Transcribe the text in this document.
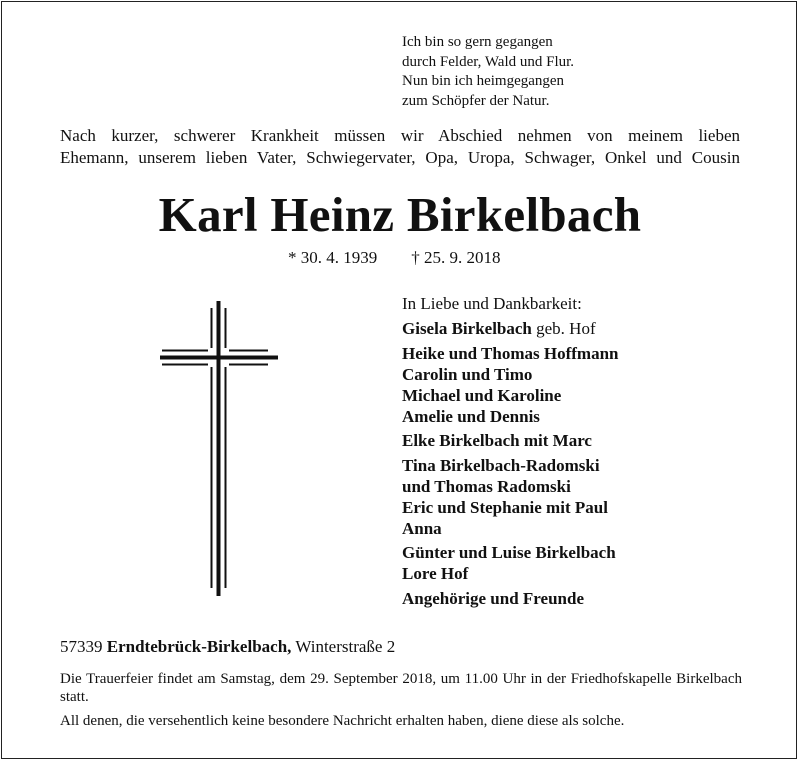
Ich bin so gern gegangen
durch Felder, Wald und Flur.
Nun bin ich heimgegangen
zum Schöpfer der Natur.
Nach kurzer, schwerer Krankheit müssen wir Abschied nehmen von meinem lieben
Ehemann, unserem lieben Vater, Schwiegervater, Opa, Uropa, Schwager, Onkel und Cousin
Karl Heinz Birkelbach
* 30. 4. 1939 † 25. 9. 2018
In Liebe und Dankbarkeit:
Gisela Birkelbach geb. Hof
Heike und Thomas Hoffmann
Carolin und Timo
Michael und Karoline
Amelie und Dennis
Elke Birkelbach mit Marc
Tina Birkelbach-Radomski
und Thomas Radomski
Eric und Stephanie mit Paul
Anna
Günter und Luise Birkelbach
Lore Hof
Angehörige und Freunde
57339 Erndtebrück-Birkelbach, Winterstraße 2
Die Trauerfeier findet am Samstag, dem 29. September 2018, um 11.00 Uhr in der Friedhofskapelle Birkelbach statt.
All denen, die versehentlich keine besondere Nachricht erhalten haben, diene diese als solche.
